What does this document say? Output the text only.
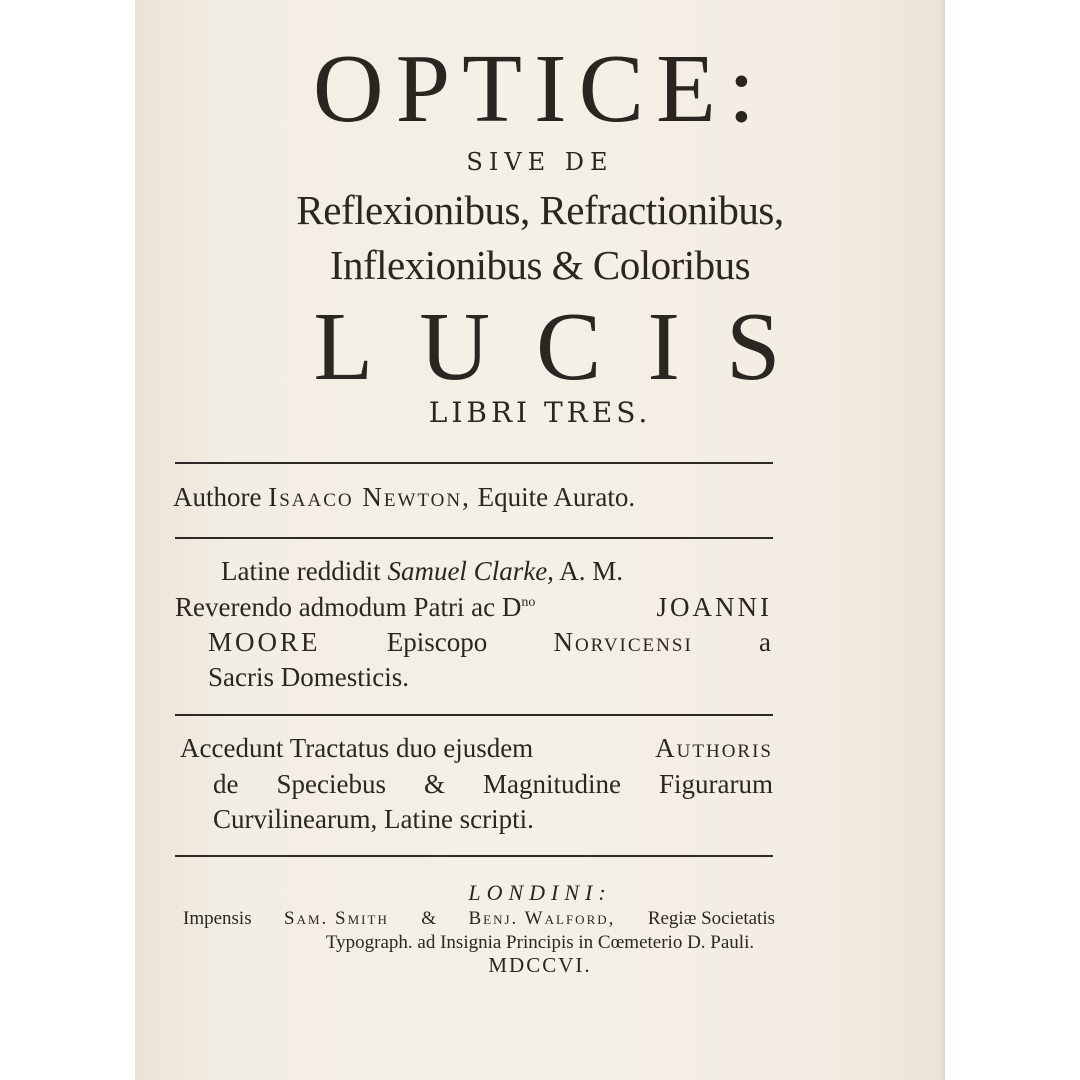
OPTICE:
SIVE DE
Reflexionibus, Refractionibus,
Inflexionibus & Coloribus
LUCIS
LIBRI TRES.
Authore Isaaco Newton, Equite Aurato.
Latine reddidit Samuel Clarke, A. M.
Reverendo admodum Patri ac $D^{no}$	JOANNI
MOORE Episcopo Norvicensi a
Sacris Domesticis.
Accedunt Tractatus duo ejusdem	Authoris
de Speciebus & Magnitudine Figurarum
Curvilinearum, Latine scripti.
LONDINI:
Impensis Sam. Smith & Benj. Walford, Regiæ Societatis
Typograph. ad Insignia Principis in Cœmeterio D. Pauli.
MDCCVI.
